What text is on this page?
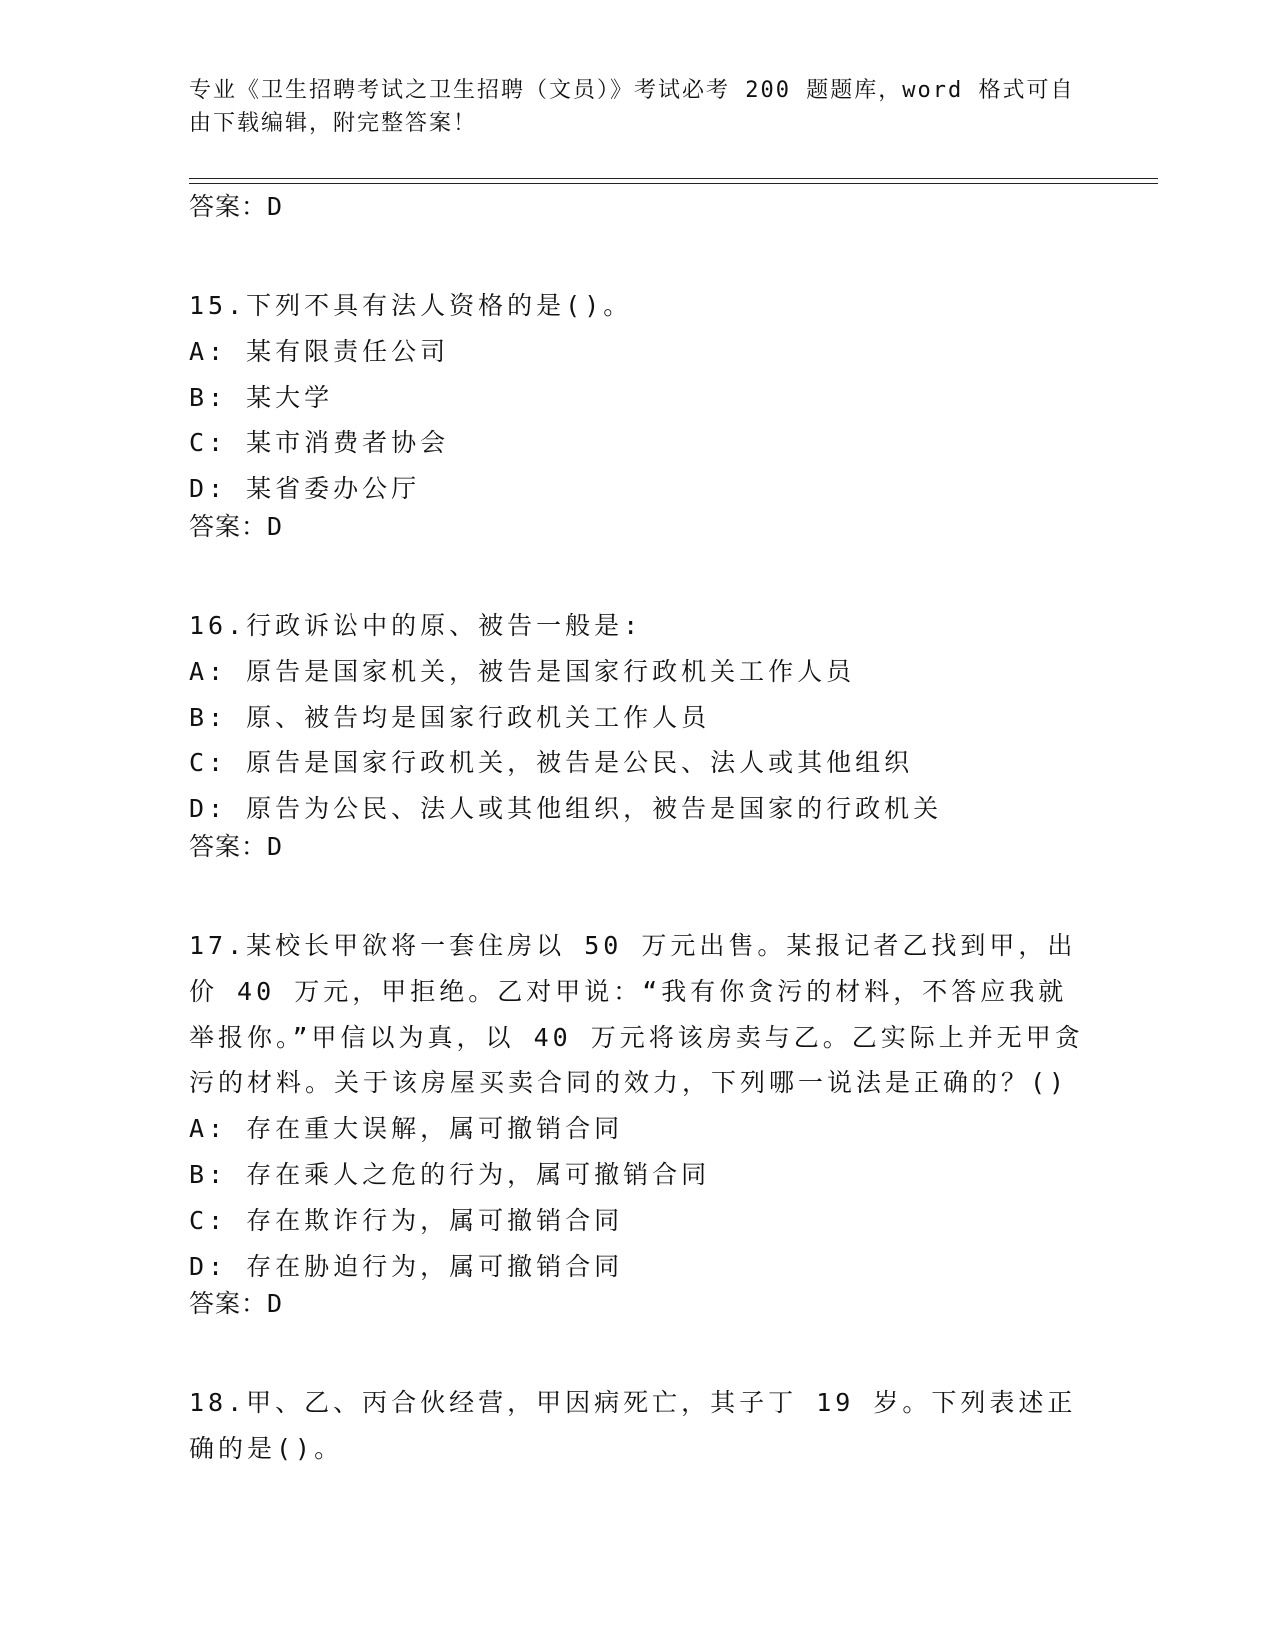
专业《卫生招聘考试之卫生招聘（文员）》考试必考 200 题题库，word 格式可自由下载编辑，附完整答案！
答案：D
15.下列不具有法人资格的是()。
A: 某有限责任公司
B: 某大学
C: 某市消费者协会
D: 某省委办公厅
答案：D
16.行政诉讼中的原、被告一般是:
A: 原告是国家机关，被告是国家行政机关工作人员
B: 原、被告均是国家行政机关工作人员
C: 原告是国家行政机关，被告是公民、法人或其他组织
D: 原告为公民、法人或其他组织，被告是国家的行政机关
答案：D
17.某校长甲欲将一套住房以 50 万元出售。某报记者乙找到甲，出价 40 万元，甲拒绝。乙对甲说：“我有你贪污的材料，不答应我就举报你。”甲信以为真，以 40 万元将该房卖与乙。乙实际上并无甲贪污的材料。关于该房屋买卖合同的效力，下列哪一说法是正确的？()
A: 存在重大误解，属可撤销合同
B: 存在乘人之危的行为，属可撤销合同
C: 存在欺诈行为，属可撤销合同
D: 存在胁迫行为，属可撤销合同
答案：D
18.甲、乙、丙合伙经营，甲因病死亡，其子丁 19 岁。下列表述正确的是()。
